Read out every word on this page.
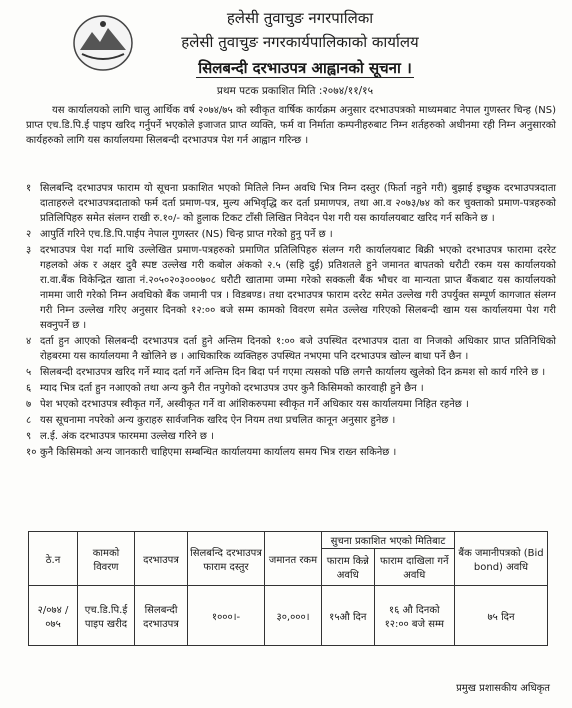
हलेसी तुवाचुङ नगरपालिका
हलेसी तुवाचुङ नगरकार्यपालिकाको कार्यालय
सिलबन्दी दरभाउपत्र आह्वानको सूचना ।
प्रथम पटक प्रकाशित मिति :२०७४/११/१५
यस कार्यालयको लागि चालु आर्थिक वर्ष २०७४/७५ को स्वीकृत वार्षिक कार्यक्रम अनुसार दरभाउपत्रको माध्यमबाट नेपाल गुणस्तर चिन्ह (NS) प्राप्त एच.डि.पि.ई पाइप खरिद गर्नुपर्ने भएकोले इजाजत प्राप्त व्यक्ति, फर्म वा निर्माता कम्पनीहरुबाट निम्न शर्तहरुको अधीनमा रही निम्न अनुसारको कार्यहरुको लागि यस कार्यालयमा सिलबन्दी दरभाउपत्र पेश गर्न आह्वान गरिन्छ ।
१ सिलबन्दि दरभाउपत्र फाराम यो सूचना प्रकाशित भएको मितिले निम्न अवधि भित्र निम्न दस्तुर (फिर्ता नहुने गरी) बुझाई इच्छुक दरभाउपत्रदाता दाताहरुले दरभाउपत्रदाताको फर्म दर्ता प्रमाण-पत्र, मुल्य अभिवृद्धि कर दर्ता प्रमाणपत्र, तथा आ.व २०७३/७४ को कर चुक्ताको प्रमाण-पत्रहरुको प्रतिलिपिहरु समेत संलग्न राखी रु.१०/- को हुलाक टिकट टाँसी लिखित निवेदन पेश गरी यस कार्यालयबाट खरिद गर्न सकिने छ ।
२ आपुर्ति गरिने एच.डि.पि.पाईप नेपाल गुणस्तर (NS) चिन्ह प्राप्त गरेको हुनु पर्ने छ ।
३ दरभाउपत्र पेश गर्दा माथि उल्लेखित प्रमाण-पत्रहरुको प्रमाणित प्रतिलिपिहरु संलग्न गरी कार्यालयबाट बिक्री भएको दरभाउपत्र फारामा दररेट गहलको अंक र अक्षर दुवै स्पष्ट उल्लेख गरी कबोल अंकको २.५ (सहि दुई) प्रतिशतले हुने जमानत बापतको धरौटी रकम यस कार्यालयको रा.वा.बैंक विकेन्द्रित खाता नं.२०५०२०३०००७०८ धरौटी खातामा जम्मा गरेको सक्कली बैंक भौचर वा मान्यता प्राप्त बैंकबाट यस कार्यालयको नाममा जारी गरेको निम्न अवधिको बैंक जमानी पत्र । विडबण्ड। तथा दरभाउपत्र फाराम दररेट समेत उल्लेख गरी उपर्युक्त सम्पूर्ण कागजात संलग्न गरी निम्न उल्लेख गरिए अनुसार दिनको १२:०० बजे सम्म कामको विवरण समेत उल्लेख गरिएको सिलबन्दी खाम यस कार्यालयमा पेश गरी सक्नुपर्ने छ ।
४ दर्ता हुन आएको सिलबन्दी दरभाउपत्र दर्ता हुने अन्तिम दिनको १:०० बजे उपस्थित दरभाउपत्र दाता वा निजको अधिकार प्राप्त प्रतिनिधिको रोहबरमा यस कार्यालयमा नै खोलिने छ । आधिकारिक व्यक्तिहरु उपस्थित नभएमा पनि दरभाउपत्र खोल्न बाधा पर्ने छैन ।
५ सिलबन्दी दरभाउपत्र खरिद गर्ने म्याद दर्ता गर्ने अन्तिम दिन बिदा पर्न गएमा त्यसको पछि लगत्तै कार्यालय खुलेको दिन क्रमश सो कार्य गरिने छ ।
६ म्याद भित्र दर्ता हुन नआएको तथा अन्य कुनै रीत नपुगेको दरभाउपत्र उपर कुनै किसिमको कारवाही हुने छैन ।
७ पेश भएको दरभाउपत्र स्वीकृत गर्ने, अस्वीकृत गर्ने वा आंशिकरुपमा स्वीकृत गर्ने अधिकार यस कार्यालयमा निहित रहनेछ ।
८ यस सूचनामा नपरेको अन्य कुराहरु सार्वजनिक खरिद ऐन नियम तथा प्रचलित कानून अनुसार हुनेछ ।
९ ल.ई. अंक दरभाउपत्र फारममा उल्लेख गरिने छ ।
१० कुनै किसिमको अन्य जानकारी चाहिएमा सम्बन्धित कार्यालयमा कार्यालय समय भित्र राख्न सकिनेछ ।
ठे.न	कामको विवरण	दरभाउपत्र	सिलबन्दि दरभाउपत्र फाराम दस्तुर	जमानत रकम	सुचना प्रकाशित भएको मितिबाट		बैंक जमानीपत्रको (Bid bond) अवधि
					फाराम किन्ने अवधि	फाराम दाखिला गर्ने अवधि	
२/०७४ /०७५	एच.डि.पि.ई पाइप खरीद	सिलबन्दी दरभाउपत्र	१०००।-	३०,०००।	१५औ दिन	१६ औ दिनको १२:०० बजे सम्म	७५ दिन
प्रमुख प्रशासकीय अधिकृत
